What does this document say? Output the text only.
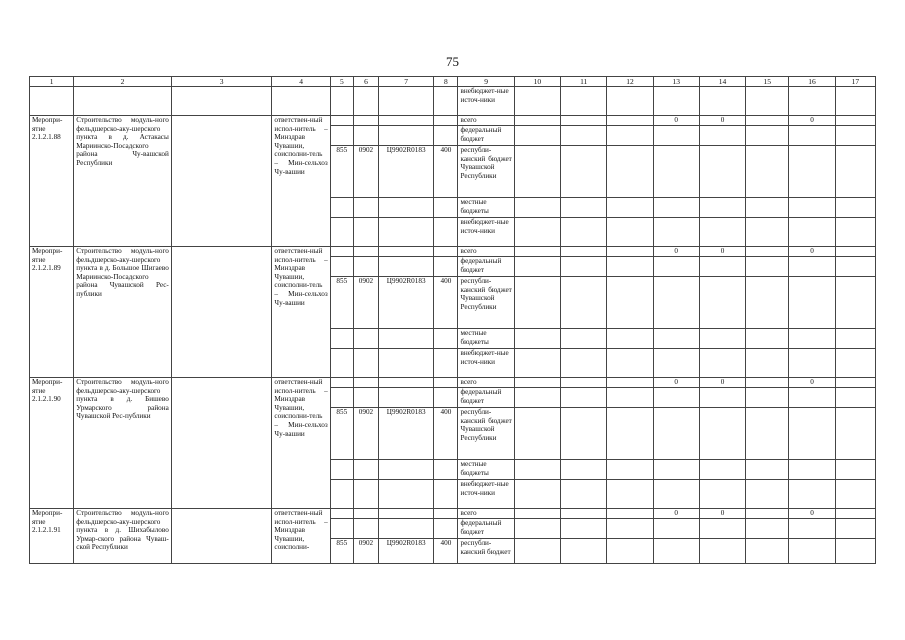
75
1	2	3	4	5	6	7	8	9	10	11	12	13	14	15	16	17
								внебюджет-ные источ-ники								
Меропри-ятие 2.1.2.1.88	Строительство модуль-ного фельдшерско-аку-шерского пункта в д. Астакасы Мариинско-Посадского района Чу-вашской Республики		ответствен-ный испол-нитель – Минздрав Чувашии, соисполни-тель – Мин-сельхоз Чу-вашии					всего				0	0		0	
								федеральный бюджет								
				855	0902	Ц9902R0183	400	республи-канский бюджет Чувашской Республики								
								местные бюджеты								
								внебюджет-ные источ-ники								
Меропри-ятие 2.1.2.1.89	Строительство модуль-ного фельдшерско-аку-шерского пункта в д. Большое Шигаево Мариинско-Посадского района Чувашской Рес-публики		ответствен-ный испол-нитель – Минздрав Чувашии, соисполни-тель – Мин-сельхоз Чу-вашии					всего				0	0		0	
								федеральный бюджет								
				855	0902	Ц9902R0183	400	республи-канский бюджет Чувашской Республики								
								местные бюджеты								
								внебюджет-ные источ-ники								
Меропри-ятие 2.1.2.1.90	Строительство модуль-ного фельдшерско-аку-шерского пункта в д. Бишево Урмарского района Чувашской Рес-публики		ответствен-ный испол-нитель – Минздрав Чувашии, соисполни-тель – Мин-сельхоз Чу-вашии					всего				0	0		0	
								федеральный бюджет								
				855	0902	Ц9902R0183	400	республи-канский бюджет Чувашской Республики								
								местные бюджеты								
								внебюджет-ные источ-ники								
Меропри-ятие 2.1.2.1.91	Строительство модуль-ного фельдшерско-аку-шерского пункта в д. Шихабылово Урмар-ского района Чуваш-ской Республики		ответствен-ный испол-нитель – Минздрав Чувашии, соисполни-					всего				0	0		0	
								федеральный бюджет								
				855	0902	Ц9902R0183	400	республи-канский бюджет								
